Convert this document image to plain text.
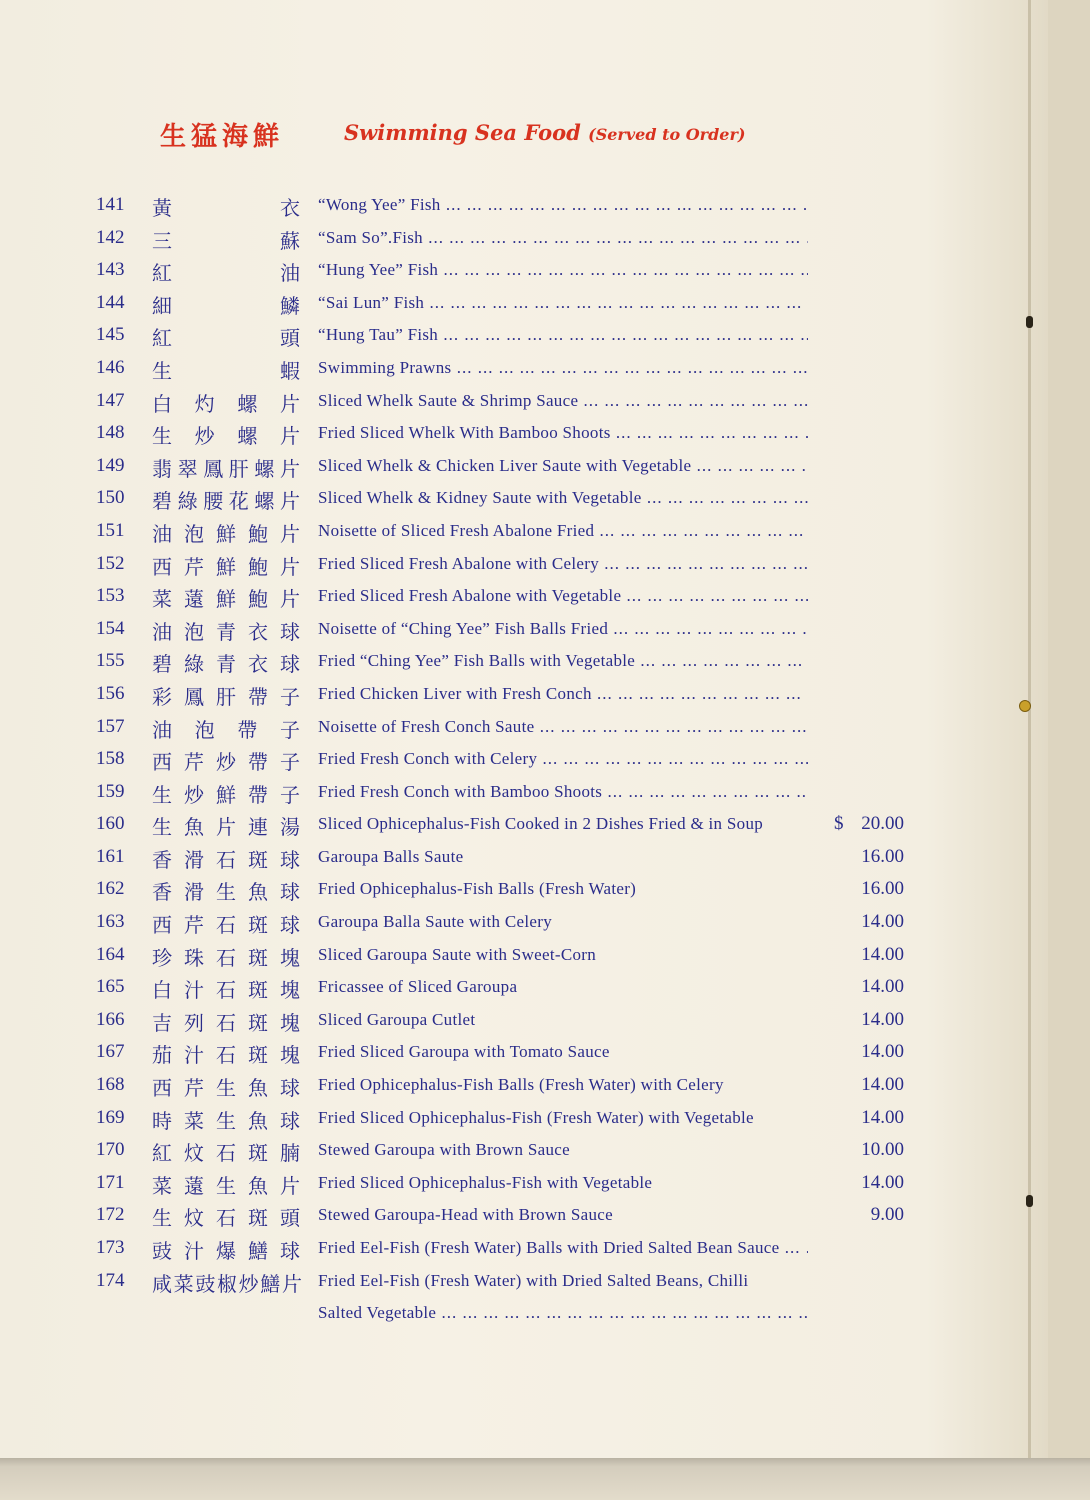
生猛海鮮	Swimming Sea Food (Served to Order)
141	黃	衣 “Wong Yee” Fish ... .
142	三	蘇 “Sam So”.Fish ... .
143	紅	油 “Hung Yee” Fish ... .
144	細	鱗 “Sai Lun” Fish ... .
145	紅	頭 “Hung Tau” Fish ... .
146	生	蝦 Swimming Prawns ... .
147	白 灼 螺 片 Sliced Whelk Saute & Shrimp Sauce ... .
148	生 炒 螺 片 Fried Sliced Whelk With Bamboo Shoots ... .
149	翡 翠 鳳 肝 螺 片 Sliced Whelk & Chicken Liver Saute with Vegetable ... .
150	碧 綠 腰 花 螺 片 Sliced Whelk & Kidney Saute with Vegetable ... .
151	油 泡 鮮 鮑 片 Noisette of Sliced Fresh Abalone Fried ... .
152	西 芹 鮮 鮑 片 Fried Sliced Fresh Abalone with Celery ... .
153	菜 薳 鮮 鮑 片 Fried Sliced Fresh Abalone with Vegetable ... .
154	油 泡 青 衣 球 Noisette of “Ching Yee” Fish Balls Fried ... .
155	碧 綠 青 衣 球 Fried “Ching Yee” Fish Balls with Vegetable ... .
156	彩 鳳 肝 帶 子 Fried Chicken Liver with Fresh Conch ... .
157	油 泡 帶 子 Noisette of Fresh Conch Saute ... .
158	西 芹 炒 帶 子 Fried Fresh Conch with Celery ... .
159	生 炒 鮮 帶 子 Fried Fresh Conch with Bamboo Shoots ... .
160	生 魚 片 連 湯 Sliced Ophicephalus-Fish Cooked in 2 Dishes Fried & in Soup	$ 20.00
161	香 滑 石 斑 球 Garoupa Balls Saute	16.00
162	香 滑 生 魚 球 Fried Ophicephalus-Fish Balls (Fresh Water)	16.00
163	西 芹 石 斑 球 Garoupa Balla Saute with Celery	14.00
164	珍 珠 石 斑 塊 Sliced Garoupa Saute with Sweet-Corn	14.00
165	白 汁 石 斑 塊 Fricassee of Sliced Garoupa	14.00
166	吉 列 石 斑 塊 Sliced Garoupa Cutlet	14.00
167	茄 汁 石 斑 塊 Fried Sliced Garoupa with Tomato Sauce	14.00
168	西 芹 生 魚 球 Fried Ophicephalus-Fish Balls (Fresh Water) with Celery	14.00
169	時 菜 生 魚 球 Fried Sliced Ophicephalus-Fish (Fresh Water) with Vegetable	14.00
170	紅 炆 石 斑 腩 Stewed Garoupa with Brown Sauce	10.00
171	菜 薳 生 魚 片 Fried Sliced Ophicephalus-Fish with Vegetable	14.00
172	生 炆 石 斑 頭 Stewed Garoupa-Head with Brown Sauce	9.00
173	豉 汁 爆 鱔 球 Fried Eel-Fish (Fresh Water) Balls with Dried Salted Bean Sauce ... .
174	咸 菜 豉 椒 炒 鱔 片 Fried Eel-Fish (Fresh Water) with Dried Salted Beans, Chilli
Salted Vegetable ... .
